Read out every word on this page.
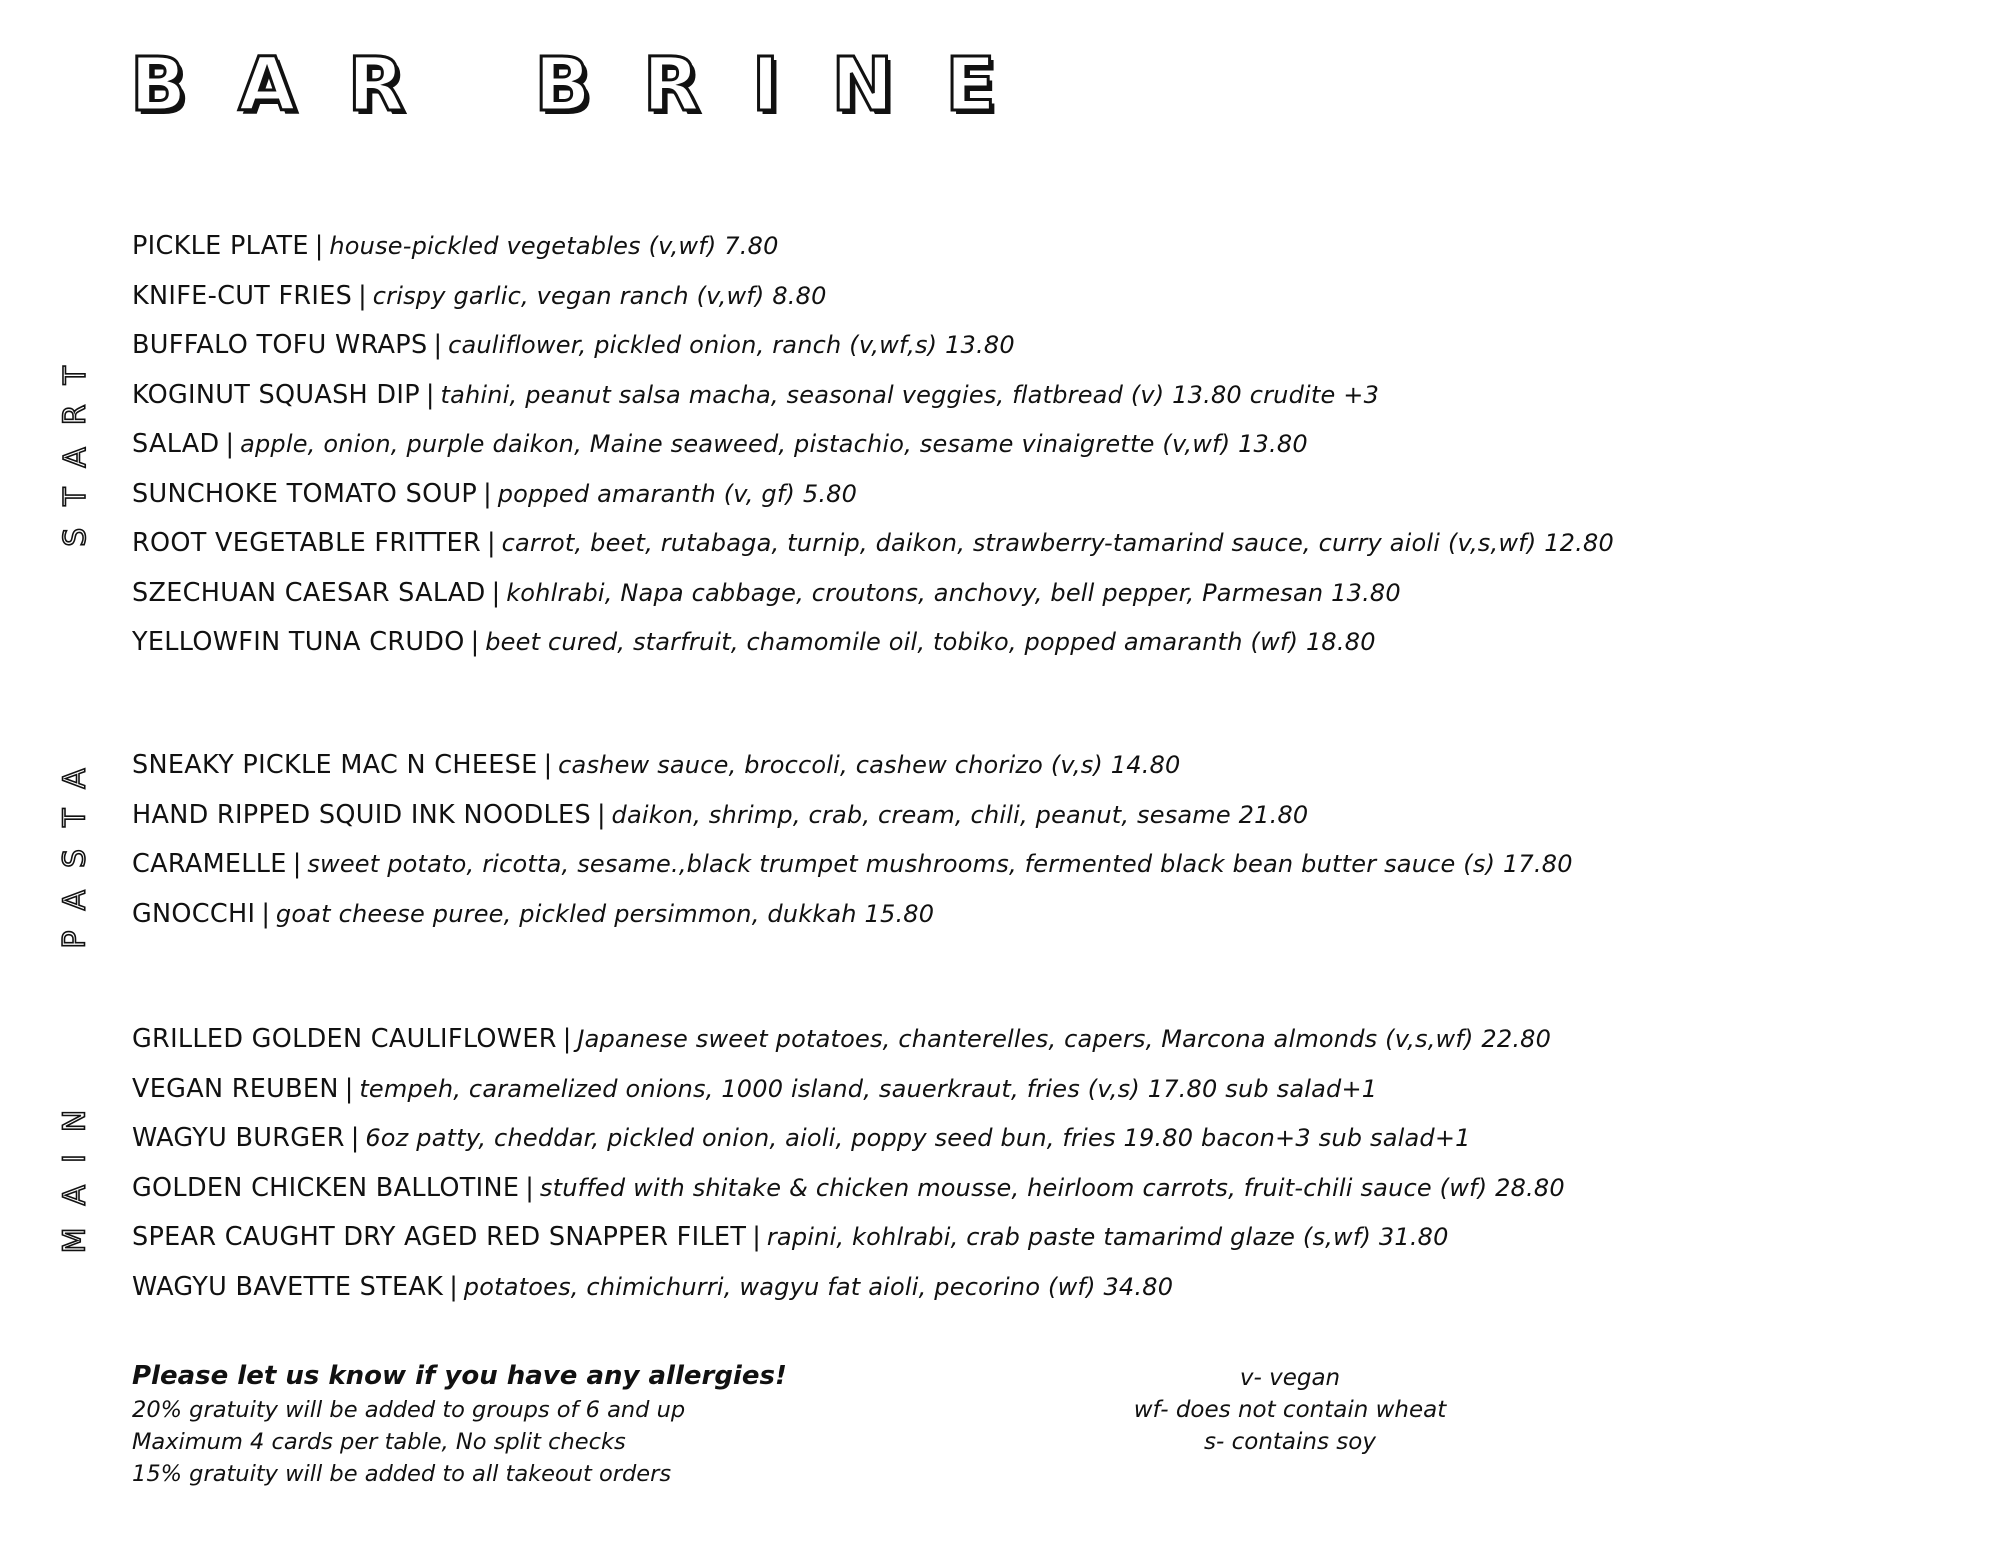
BAR BRINE
START
PICKLE PLATE | house-pickled vegetables (v,wf) 7.80
KNIFE-CUT FRIES | crispy garlic, vegan ranch (v,wf) 8.80
BUFFALO TOFU WRAPS | cauliflower, pickled onion, ranch (v,wf,s) 13.80
KOGINUT SQUASH DIP | tahini, peanut salsa macha, seasonal veggies, flatbread (v) 13.80 crudite +3
SALAD | apple, onion, purple daikon, Maine seaweed, pistachio, sesame vinaigrette (v,wf) 13.80
SUNCHOKE TOMATO SOUP | popped amaranth (v, gf) 5.80
ROOT VEGETABLE FRITTER | carrot, beet, rutabaga, turnip, daikon, strawberry-tamarind sauce, curry aioli (v,s,wf) 12.80
SZECHUAN CAESAR SALAD | kohlrabi, Napa cabbage, croutons, anchovy, bell pepper, Parmesan 13.80
YELLOWFIN TUNA CRUDO | beet cured, starfruit, chamomile oil, tobiko, popped amaranth (wf) 18.80
PASTA SNEAKY PICKLE MAC N CHEESE | cashew sauce, broccoli, cashew chorizo (v,s) 14.80
HAND RIPPED SQUID INK NOODLES | daikon, shrimp, crab, cream, chili, peanut, sesame 21.80
CARAMELLE | sweet potato, ricotta, sesame.,black trumpet mushrooms, fermented black bean butter sauce (s) 17.80
GNOCCHI | goat cheese puree, pickled persimmon, dukkah 15.80
MAIN
GRILLED GOLDEN CAULIFLOWER | Japanese sweet potatoes, chanterelles, capers, Marcona almonds (v,s,wf) 22.80
VEGAN REUBEN | tempeh, caramelized onions, 1000 island, sauerkraut, fries (v,s) 17.80 sub salad+1
WAGYU BURGER | 6oz patty, cheddar, pickled onion, aioli, poppy seed bun, fries 19.80 bacon+3 sub salad+1
GOLDEN CHICKEN BALLOTINE | stuffed with shitake & chicken mousse, heirloom carrots, fruit-chili sauce (wf) 28.80
SPEAR CAUGHT DRY AGED RED SNAPPER FILET | rapini, kohlrabi, crab paste tamarimd glaze (s,wf) 31.80
WAGYU BAVETTE STEAK | potatoes, chimichurri, wagyu fat aioli, pecorino (wf) 34.80
Please let us know if you have any allergies!
20% gratuity will be added to groups of 6 and up
Maximum 4 cards per table, No split checks
15% gratuity will be added to all takeout orders
v- vegan
wf- does not contain wheat
s- contains soy
